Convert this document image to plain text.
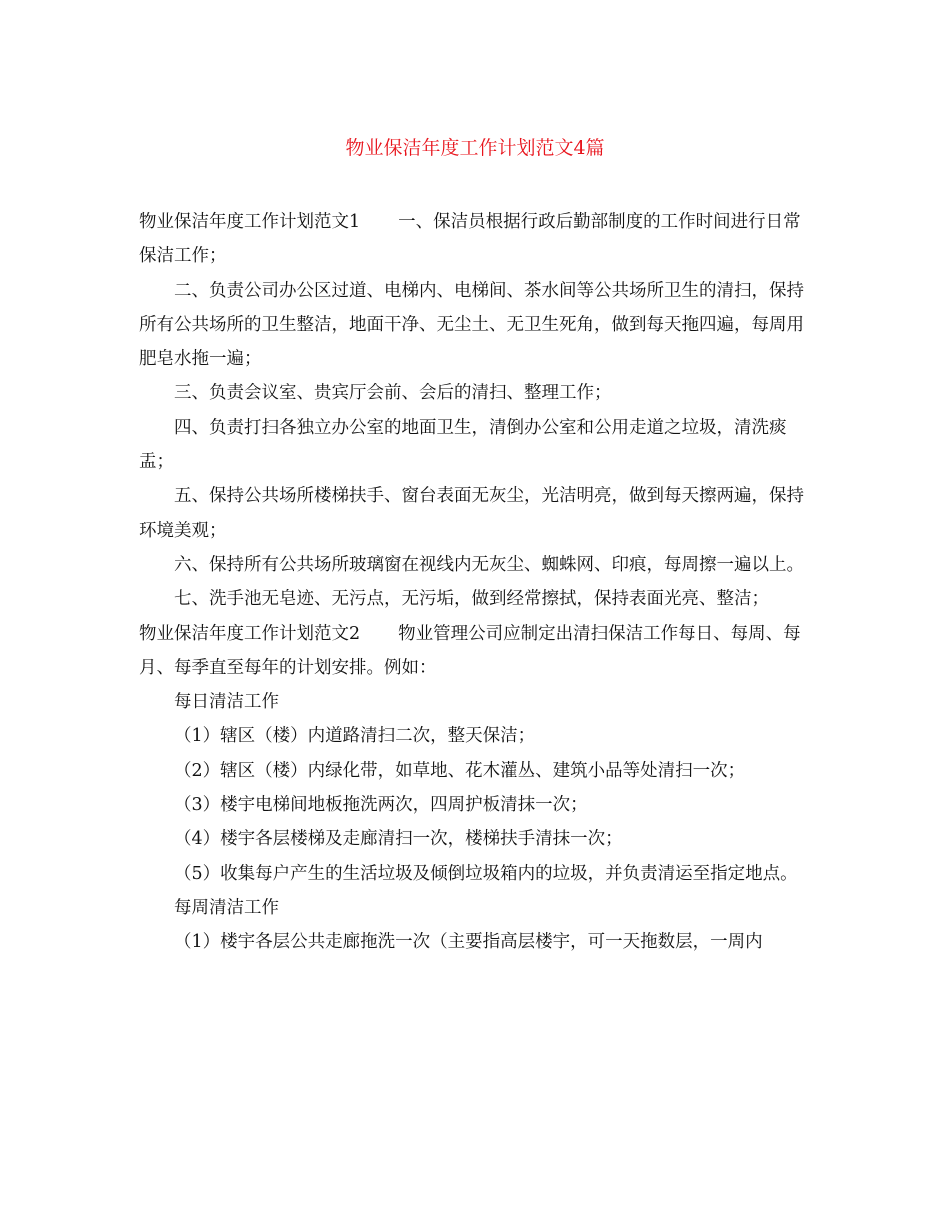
物业保洁年度工作计划范文4篇

物业保洁年度工作计划范文1 一、保洁员根据行政后勤部制度的工作时间进行日常保洁工作；

二、负责公司办公区过道、电梯内、电梯间、茶水间等公共场所卫生的清扫，保持所有公共场所的卫生整洁，地面干净、无尘土、无卫生死角，做到每天拖四遍，每周用肥皂水拖一遍；

三、负责会议室、贵宾厅会前、会后的清扫、整理工作；

四、负责打扫各独立办公室的地面卫生，清倒办公室和公用走道之垃圾，清洗痰盂；

五、保持公共场所楼梯扶手、窗台表面无灰尘，光洁明亮，做到每天擦两遍，保持环境美观；

六、保持所有公共场所玻璃窗在视线内无灰尘、蜘蛛网、印痕，每周擦一遍以上。

七、洗手池无皂迹、无污点，无污垢，做到经常擦拭，保持表面光亮、整洁；

物业保洁年度工作计划范文2 物业管理公司应制定出清扫保洁工作每日、每周、每月、每季直至每年的计划安排。例如：

每日清洁工作

（1）辖区（楼）内道路清扫二次，整天保洁；

（2）辖区（楼）内绿化带，如草地、花木灌丛、建筑小品等处清扫一次；

（3）楼宇电梯间地板拖洗两次，四周护板清抹一次；

（4）楼宇各层楼梯及走廊清扫一次，楼梯扶手清抹一次；

（5）收集每户产生的生活垃圾及倾倒垃圾箱内的垃圾，并负责清运至指定地点。

每周清洁工作

（1）楼宇各层公共走廊拖洗一次（主要指高层楼宇，可一天拖数层，一周内
